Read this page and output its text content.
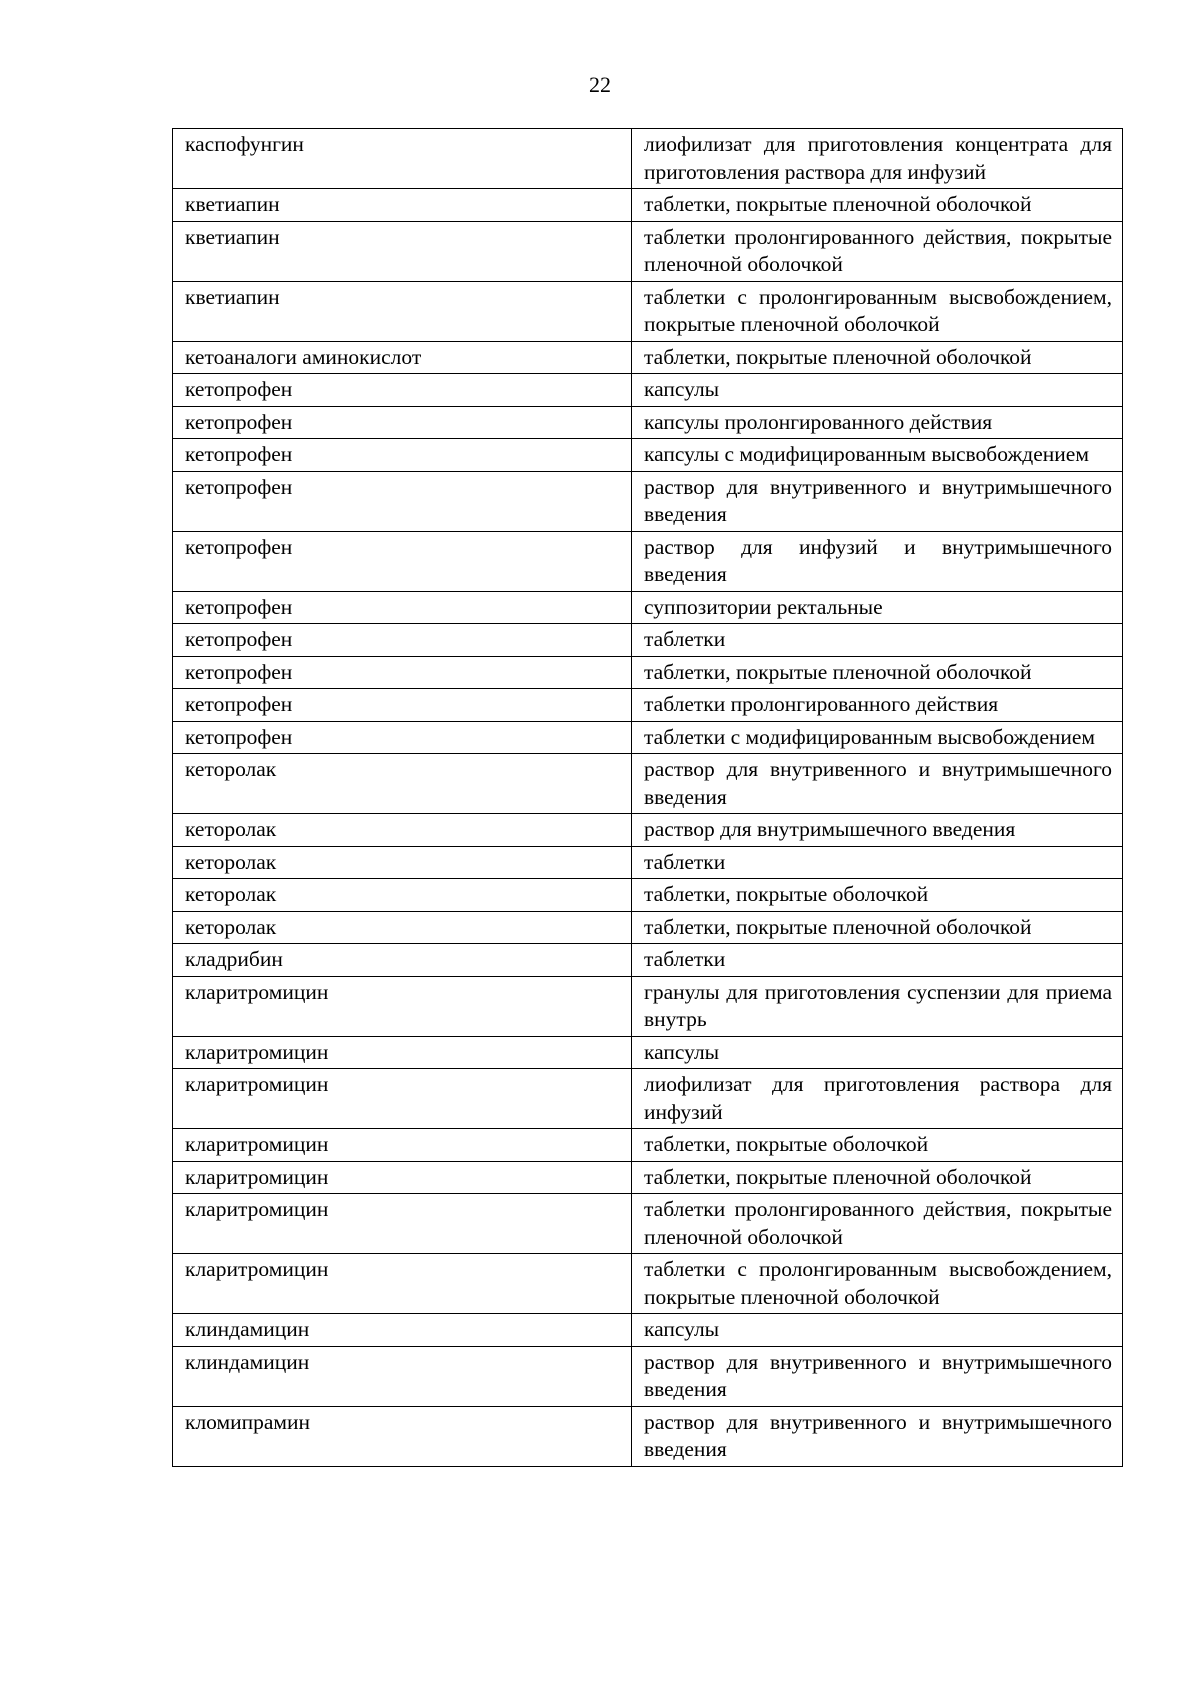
22
каспофунгин	лиофилизат для приготовления концентрата для приготовления раствора для инфузий
кветиапин	таблетки, покрытые пленочной оболочкой
кветиапин	таблетки пролонгированного действия, покрытые пленочной оболочкой
кветиапин	таблетки с пролонгированным высвобождением, покрытые пленочной оболочкой
кетоаналоги аминокислот	таблетки, покрытые пленочной оболочкой
кетопрофен	капсулы
кетопрофен	капсулы пролонгированного действия
кетопрофен	капсулы с модифицированным высвобождением
кетопрофен	раствор для внутривенного и внутримышечного введения
кетопрофен	раствор для инфузий и внутримышечного введения
кетопрофен	суппозитории ректальные
кетопрофен	таблетки
кетопрофен	таблетки, покрытые пленочной оболочкой
кетопрофен	таблетки пролонгированного действия
кетопрофен	таблетки с модифицированным высвобождением
кеторолак	раствор для внутривенного и внутримышечного введения
кеторолак	раствор для внутримышечного введения
кеторолак	таблетки
кеторолак	таблетки, покрытые оболочкой
кеторолак	таблетки, покрытые пленочной оболочкой
кладрибин	таблетки
кларитромицин	гранулы для приготовления суспензии для приема внутрь
кларитромицин	капсулы
кларитромицин	лиофилизат для приготовления раствора для инфузий
кларитромицин	таблетки, покрытые оболочкой
кларитромицин	таблетки, покрытые пленочной оболочкой
кларитромицин	таблетки пролонгированного действия, покрытые пленочной оболочкой
кларитромицин	таблетки с пролонгированным высвобождением, покрытые пленочной оболочкой
клиндамицин	капсулы
клиндамицин	раствор для внутривенного и внутримышечного введения
кломипрамин	раствор для внутривенного и внутримышечного введения
